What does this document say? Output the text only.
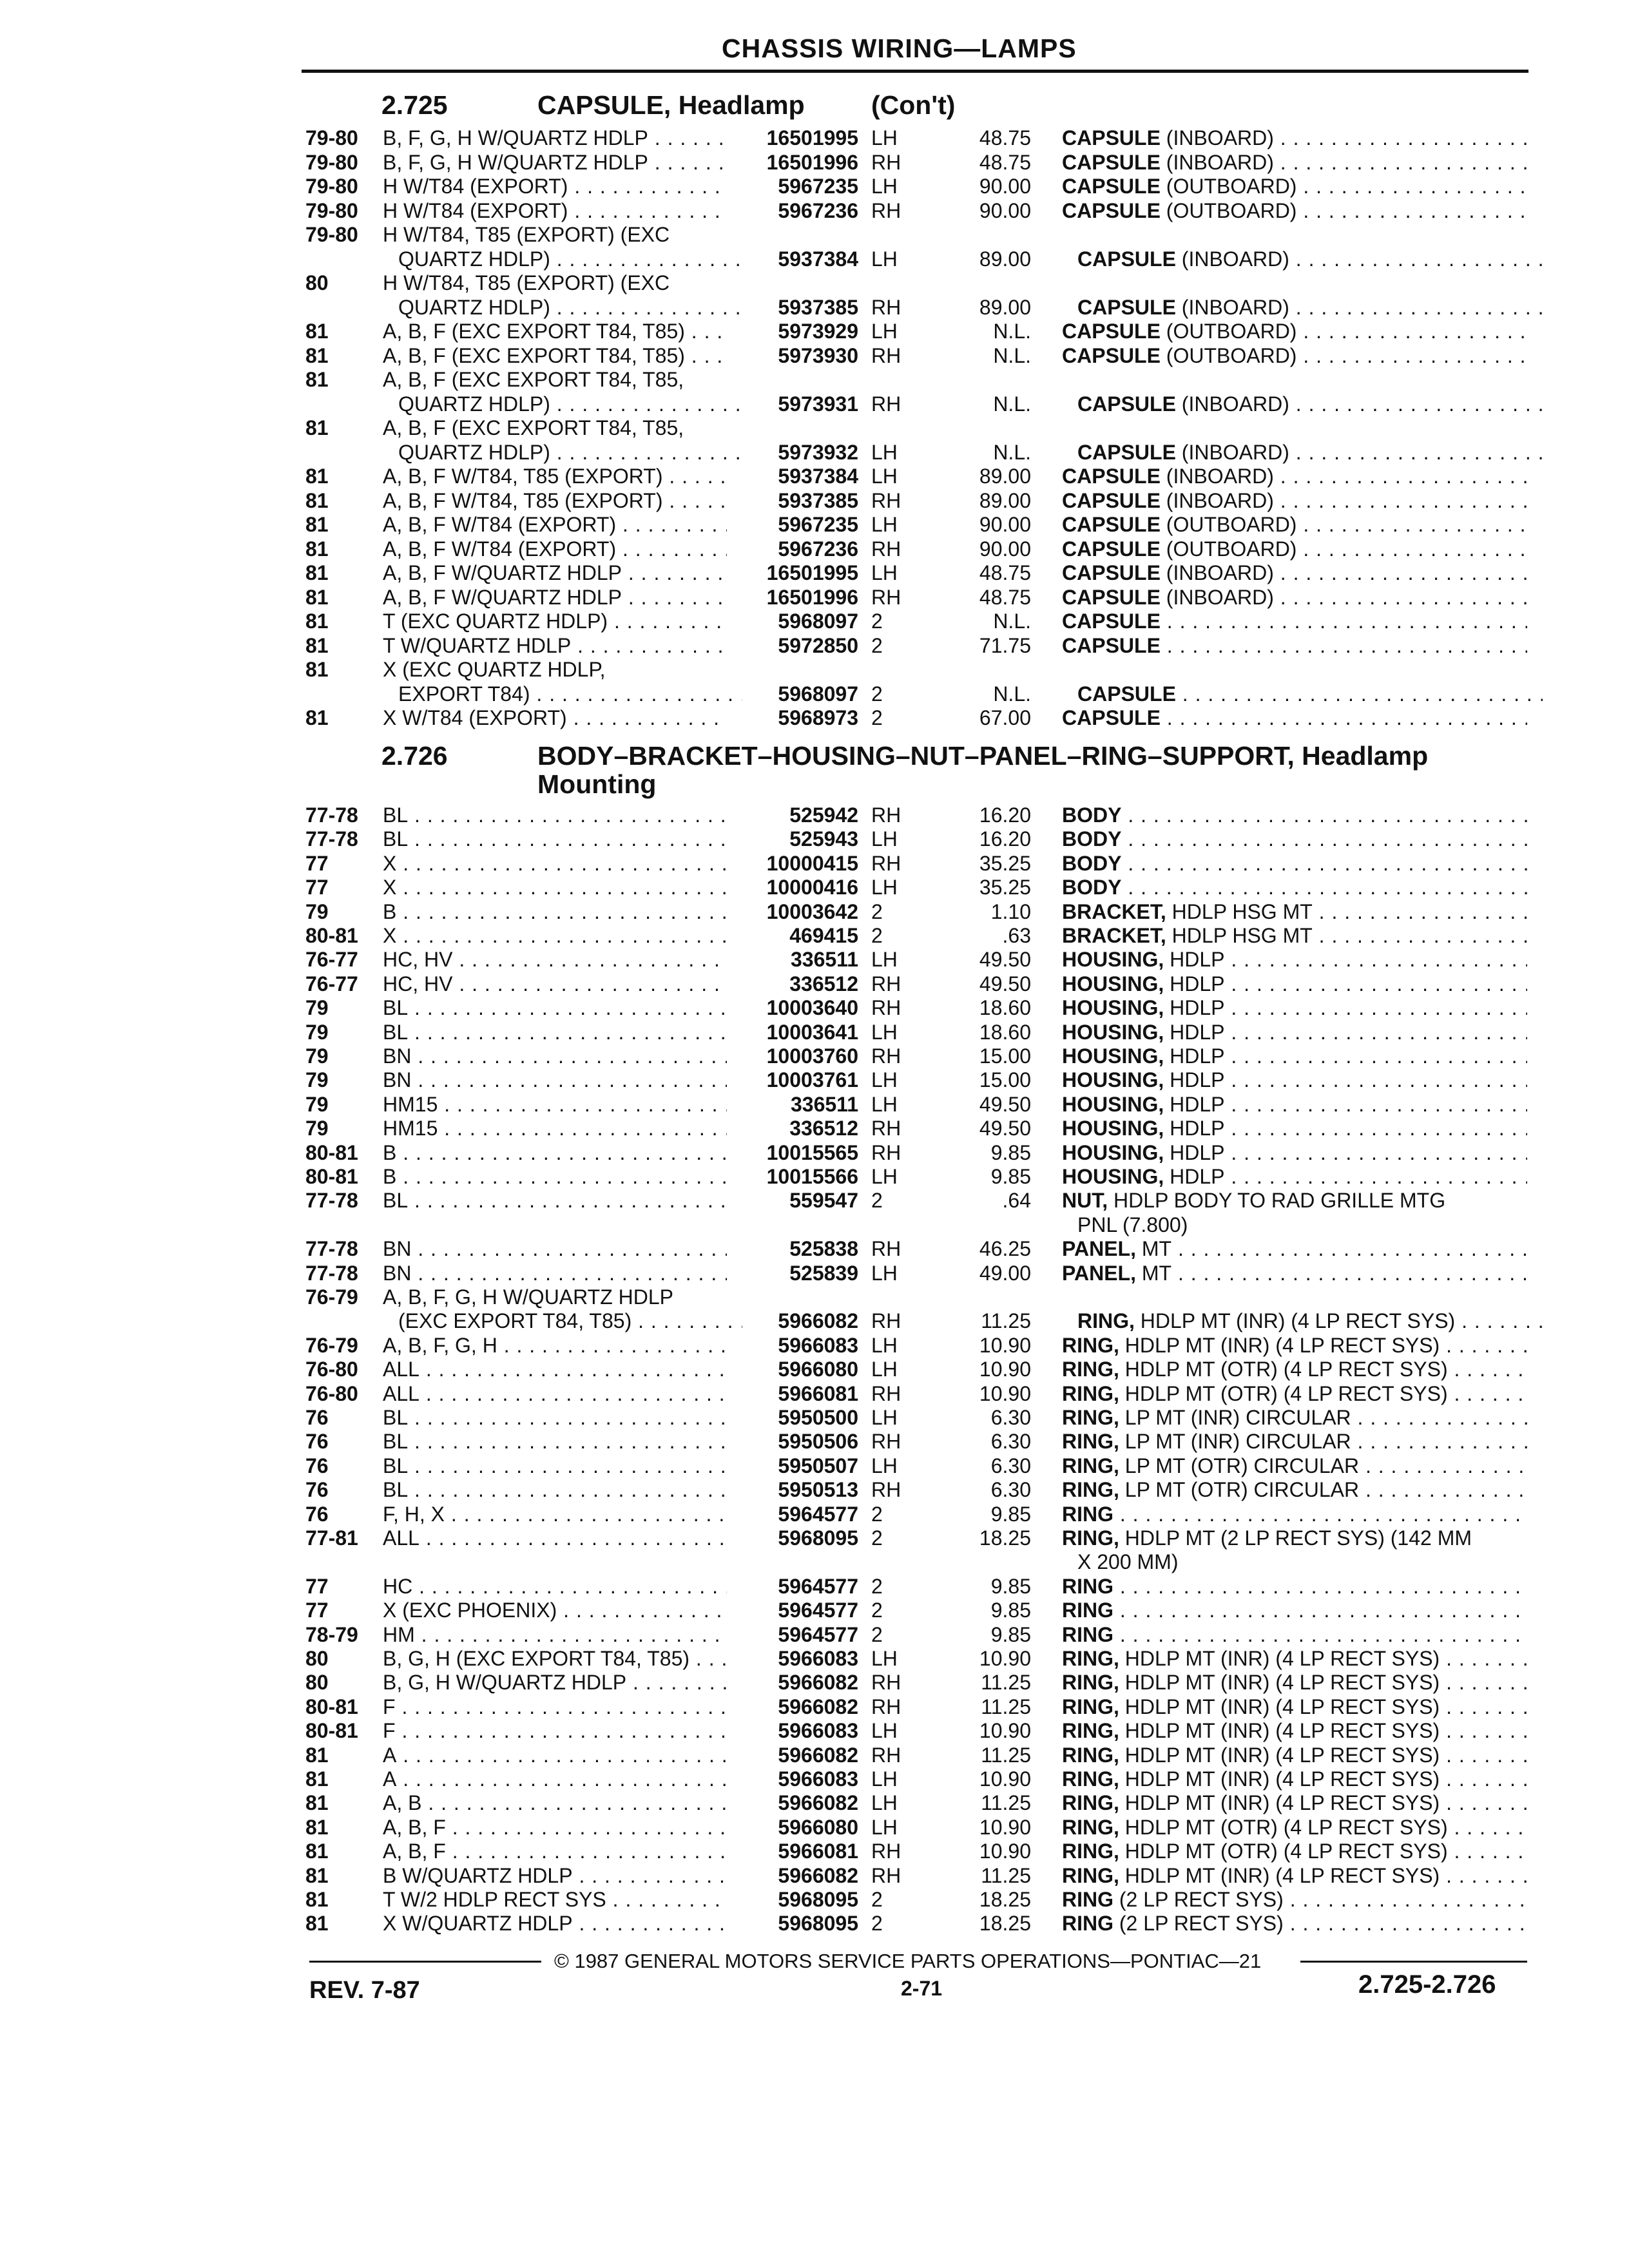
CHASSIS WIRING—LAMPS
2.725	CAPSULE, Headlamp	(Con't)
79-80 B, F, G, H W/QUARTZ HDLP . . .	16501995 LH	48.75 CAPSULE (INBOARD) . . .
79-80 B, F, G, H W/QUARTZ HDLP . . .	16501996 RH	48.75 CAPSULE (INBOARD) . . .
79-80 H W/T84 (EXPORT) . . .	5967235 LH	90.00 CAPSULE (OUTBOARD) . . .
79-80 H W/T84 (EXPORT) . . .	5967236 RH	90.00 CAPSULE (OUTBOARD) . . .
79-80 H W/T84, T85 (EXPORT) (EXC
QUARTZ HDLP) . . .	5937384 LH	89.00 CAPSULE (INBOARD) . . .
80	H W/T84, T85 (EXPORT) (EXC
QUARTZ HDLP) . . .	5937385 RH	89.00 CAPSULE (INBOARD) . . .
81	A, B, F (EXC EXPORT T84, T85) . . .	5973929 LH	N.L. CAPSULE (OUTBOARD) . . .
81	A, B, F (EXC EXPORT T84, T85) . . .	5973930 RH	N.L. CAPSULE (OUTBOARD) . . .
81	A, B, F (EXC EXPORT T84, T85,
QUARTZ HDLP) . . .	5973931 RH	N.L. CAPSULE (INBOARD) . . .
81	A, B, F (EXC EXPORT T84, T85,
QUARTZ HDLP) . . .	5973932 LH	N.L. CAPSULE (INBOARD) . . .
81	A, B, F W/T84, T85 (EXPORT) . . .	5937384 LH	89.00 CAPSULE (INBOARD) . . .
81	A, B, F W/T84, T85 (EXPORT) . . .	5937385 RH	89.00 CAPSULE (INBOARD) . . .
81	A, B, F W/T84 (EXPORT) . . .	5967235 LH	90.00 CAPSULE (OUTBOARD) . . .
81	A, B, F W/T84 (EXPORT) . . .	5967236 RH	90.00 CAPSULE (OUTBOARD) . . .
81	A, B, F W/QUARTZ HDLP . . .	16501995 LH	48.75 CAPSULE (INBOARD) . . .
81	A, B, F W/QUARTZ HDLP . . .	16501996 RH	48.75 CAPSULE (INBOARD) . . .
81	T (EXC QUARTZ HDLP) . . .	5968097 2	N.L. CAPSULE . . .
81	T W/QUARTZ HDLP . . .	5972850 2	71.75 CAPSULE . . .
81	X (EXC QUARTZ HDLP,
EXPORT T84) . . .	5968097 2	N.L. CAPSULE . . .
81	X W/T84 (EXPORT) . . .	5968973 2	67.00 CAPSULE . . .
2.726	BODY–BRACKET–HOUSING–NUT–PANEL–RING–SUPPORT, Headlamp
Mounting
77-78 BL . . .	525942 RH	16.20 BODY . . .
77-78 BL . . .	525943 LH	16.20 BODY . . .
77	X . . .	10000415 RH	35.25 BODY . . .
77	X . . .	10000416 LH	35.25 BODY . . .
79	B . . .	10003642 2	1.10 BRACKET, HDLP HSG MT . . .
80-81 X . . .	469415 2	.63 BRACKET, HDLP HSG MT . . .
76-77 HC, HV . . .	336511 LH	49.50 HOUSING, HDLP . . .
76-77 HC, HV . . .	336512 RH	49.50 HOUSING, HDLP . . .
79	BL . . .	10003640 RH	18.60 HOUSING, HDLP . . .
79	BL . . .	10003641 LH	18.60 HOUSING, HDLP . . .
79	BN . . .	10003760 RH	15.00 HOUSING, HDLP . . .
79	BN . . .	10003761 LH	15.00 HOUSING, HDLP . . .
79	HM15 . . .	336511 LH	49.50 HOUSING, HDLP . . .
79	HM15 . . .	336512 RH	49.50 HOUSING, HDLP . . .
80-81 B . . .	10015565 RH	9.85 HOUSING, HDLP . . .
80-81 B . . .	10015566 LH	9.85 HOUSING, HDLP . . .
77-78 BL . . .	559547 2	.64 NUT, HDLP BODY TO RAD GRILLE MTG
PNL (7.800)
77-78 BN . . .	525838 RH	46.25 PANEL, MT . . .
77-78 BN . . .	525839 LH	49.00 PANEL, MT . . .
76-79 A, B, F, G, H W/QUARTZ HDLP
(EXC EXPORT T84, T85) . . .	5966082 RH	11.25 RING, HDLP MT (INR) (4 LP RECT SYS) . . .
76-79 A, B, F, G, H . . .	5966083 LH	10.90 RING, HDLP MT (INR) (4 LP RECT SYS) . . .
76-80 ALL . . .	5966080 LH	10.90 RING, HDLP MT (OTR) (4 LP RECT SYS) . . .
76-80 ALL . . .	5966081 RH	10.90 RING, HDLP MT (OTR) (4 LP RECT SYS) . . .
76	BL . . .	5950500 LH	6.30 RING, LP MT (INR) CIRCULAR . . .
76	BL . . .	5950506 RH	6.30 RING, LP MT (INR) CIRCULAR . . .
76	BL . . .	5950507 LH	6.30 RING, LP MT (OTR) CIRCULAR . . .
76	BL . . .	5950513 RH	6.30 RING, LP MT (OTR) CIRCULAR . . .
76	F, H, X . . .	5964577 2	9.85 RING . . .
77-81 ALL . . .	5968095 2	18.25 RING, HDLP MT (2 LP RECT SYS) (142 MM
X 200 MM)
77	HC . . .	5964577 2	9.85 RING . . .
77	X (EXC PHOENIX) . . .	5964577 2	9.85 RING . . .
78-79 HM . . .	5964577 2	9.85 RING . . .
80	B, G, H (EXC EXPORT T84, T85) . . .	5966083 LH	10.90 RING, HDLP MT (INR) (4 LP RECT SYS) . . .
80	B, G, H W/QUARTZ HDLP . . .	5966082 RH	11.25 RING, HDLP MT (INR) (4 LP RECT SYS) . . .
80-81 F . . .	5966082 RH	11.25 RING, HDLP MT (INR) (4 LP RECT SYS) . . .
80-81 F . . .	5966083 LH	10.90 RING, HDLP MT (INR) (4 LP RECT SYS) . . .
81	A . . .	5966082 RH	11.25 RING, HDLP MT (INR) (4 LP RECT SYS) . . .
81	A . . .	5966083 LH	10.90 RING, HDLP MT (INR) (4 LP RECT SYS) . . .
81	A, B . . .	5966082 LH	11.25 RING, HDLP MT (INR) (4 LP RECT SYS) . . .
81	A, B, F . . .	5966080 LH	10.90 RING, HDLP MT (OTR) (4 LP RECT SYS) . . .
81	A, B, F . . .	5966081 RH	10.90 RING, HDLP MT (OTR) (4 LP RECT SYS) . . .
81	B W/QUARTZ HDLP . . .	5966082 RH	11.25 RING, HDLP MT (INR) (4 LP RECT SYS) . . .
81	T W/2 HDLP RECT SYS . . .	5968095 2	18.25 RING (2 LP RECT SYS) . . .
81	X W/QUARTZ HDLP . . .	5968095 2	18.25 RING (2 LP RECT SYS) . . .
© 1987 GENERAL MOTORS SERVICE PARTS OPERATIONS—PONTIAC—21
REV. 7-87	2-71	2.725-2.726
